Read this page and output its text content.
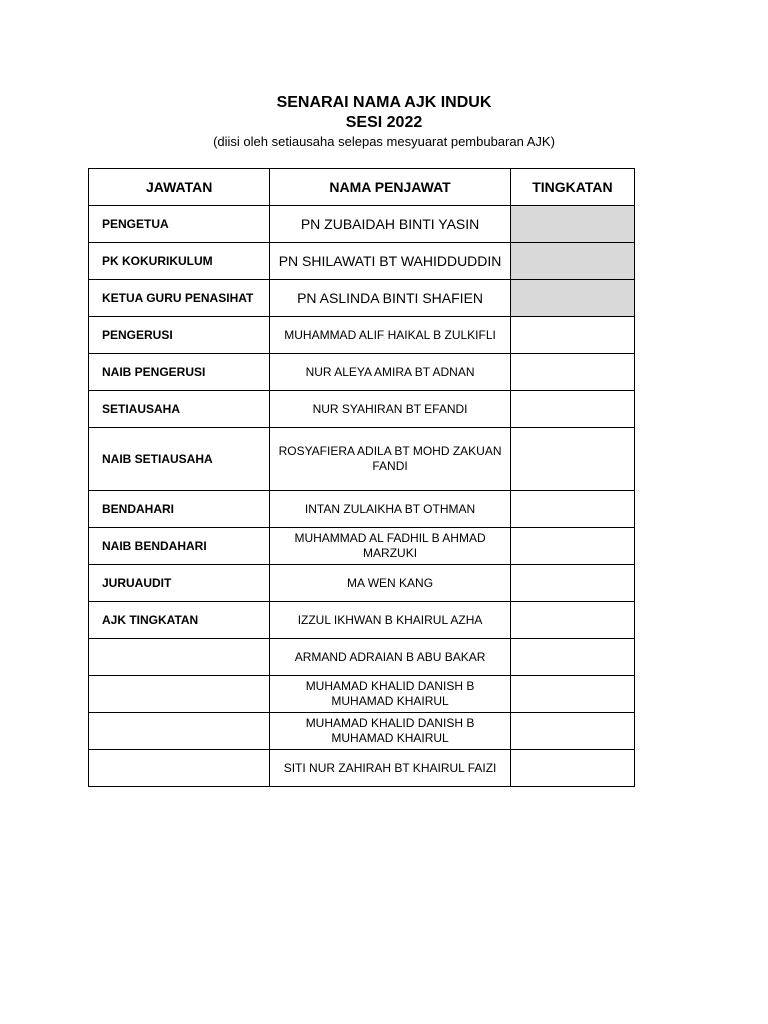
SENARAI NAMA AJK INDUK
SESI 2022
(diisi oleh setiausaha selepas mesyuarat pembubaran AJK)
JAWATAN	NAMA PENJAWAT	TINGKATAN
PENGETUA	PN ZUBAIDAH BINTI YASIN	
PK KOKURIKULUM	PN SHILAWATI BT WAHIDDUDDIN	
KETUA GURU PENASIHAT	PN ASLINDA BINTI SHAFIEN	
PENGERUSI	MUHAMMAD ALIF HAIKAL B ZULKIFLI	
NAIB PENGERUSI	NUR ALEYA AMIRA BT ADNAN	
SETIAUSAHA	NUR SYAHIRAN BT EFANDI	
NAIB SETIAUSAHA	ROSYAFIERA ADILA BT MOHD ZAKUAN FANDI	
BENDAHARI	INTAN ZULAIKHA BT OTHMAN	
NAIB BENDAHARI	MUHAMMAD AL FADHIL B AHMAD MARZUKI	
JURUAUDIT	MA WEN KANG	
AJK TINGKATAN	IZZUL IKHWAN B KHAIRUL AZHA	
	ARMAND ADRAIAN B ABU BAKAR	
	MUHAMAD KHALID DANISH B MUHAMAD KHAIRUL	
	MUHAMAD KHALID DANISH B MUHAMAD KHAIRUL	
	SITI NUR ZAHIRAH BT KHAIRUL FAIZI	
